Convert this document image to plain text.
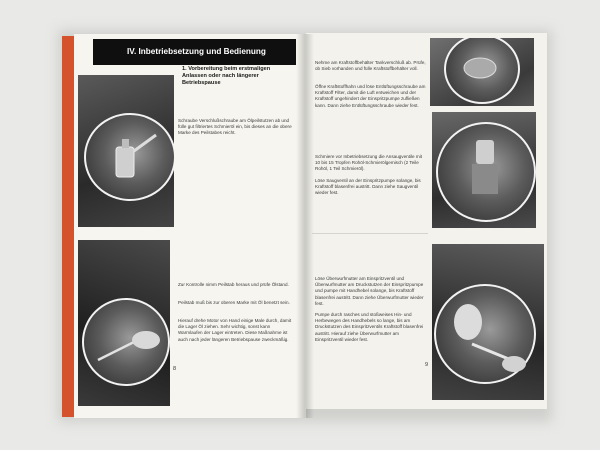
IV. Inbetriebsetzung und Bedienung
1. Vorbereitung beim erstmaligen Anlassen oder nach längerer Betriebspause
Schraube Verschlußschraube am Ölpeilstutzen ab und fülle gut filtriertes Schmieröl ein, bis dieses an die obere Marke des Peilstabes reicht.
Zur Kontrolle nimm Peilstab heraus und prüfe Ölstand.
Peilstab muß bis zur oberen Marke mit Öl benetzt sein.
Hierauf drehe Motor von Hand einige Male durch, damit die Lager Öl ziehen. Sehr wichtig, sonst kann Warmlaufen der Lager eintreten. Diese Maßnahme ist auch nach jeder längeren Betriebspause zweckmäßig.
8
Nehme am Kraftstoffbehälter Tankverschluß ab. Prüfe, ob Sieb vorhanden und fülle Kraftstoffbehälter voll.
Öffne Kraftstoffhahn und löse Entlüftungsschraube am Kraftstoff Filter, damit die Luft entweichen und der Kraftstoff ungehindert der Einspritzpumpe zufließen kann. Dann ziehe Entlüftungsschraube wieder fest.
Schmiere vor Inbetriebsetzung die Ansaugventile mit 10 bis 15 Tropfen Rohöl-Schmierölgemisch (2 Teile Rohöl, 1 Teil Schmieröl).
Löse Saugventil an der Einspritzpumpe solange, bis Kraftstoff blasenfrei austritt. Dann ziehe Saugventil wieder fest.
Löse Überwurfmutter am Einspritzventil und Überwurfmutter am Druckstutzen der Einspritzpumpe und pumpe mit Handhebel solange, bis Kraftstoff blasenfrei austritt. Dann ziehe Überwurfmutter wieder fest.
Pumpe durch rasches und stoßweises Hin- und Herbewegen des Handhebels so lange, bis am Druckstutzen des Einspritzventils Kraftstoff blasenfrei austritt. Hierauf ziehe Überwurfmutter am Einspritzventil wieder fest.
9
